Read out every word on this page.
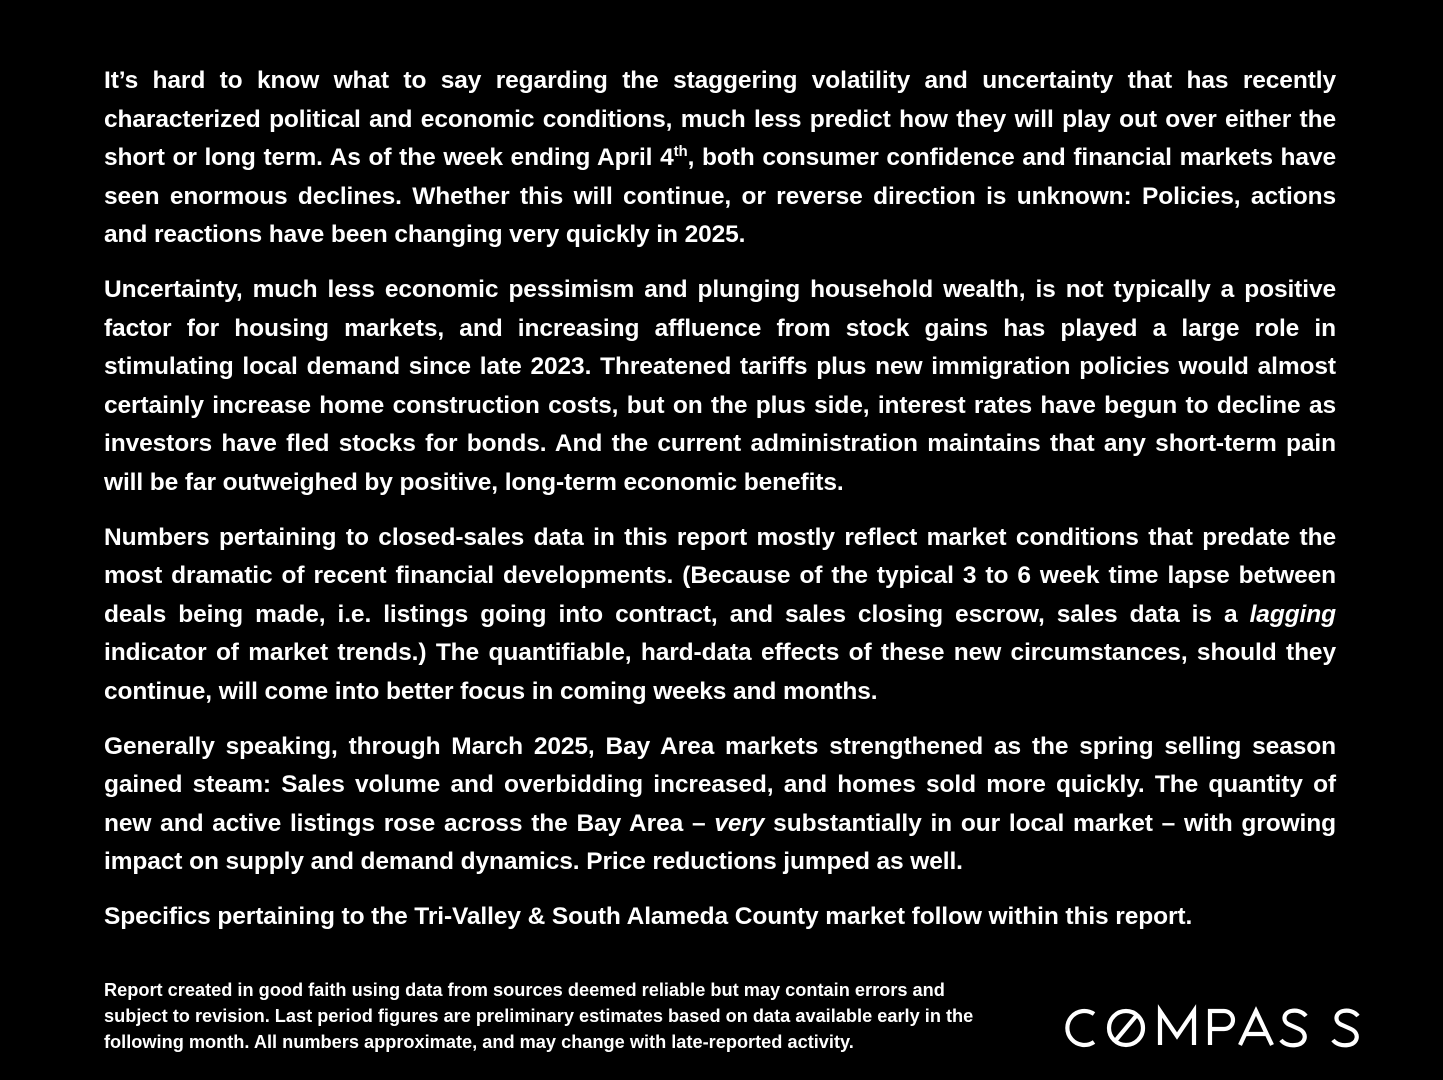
It’s hard to know what to say regarding the staggering volatility and uncertainty that has recently characterized political and economic conditions, much less predict how they will play out over either the short or long term. As of the week ending April 4th, both consumer confidence and financial markets have seen enormous declines. Whether this will continue, or reverse direction is unknown: Policies, actions and reactions have been changing very quickly in 2025.

Uncertainty, much less economic pessimism and plunging household wealth, is not typically a positive factor for housing markets, and increasing affluence from stock gains has played a large role in stimulating local demand since late 2023. Threatened tariffs plus new immigration policies would almost certainly increase home construction costs, but on the plus side, interest rates have begun to decline as investors have fled stocks for bonds. And the current administration maintains that any short-term pain will be far outweighed by positive, long-term economic benefits.

Numbers pertaining to closed-sales data in this report mostly reflect market conditions that predate the most dramatic of recent financial developments. (Because of the typical 3 to 6 week time lapse between deals being made, i.e. listings going into contract, and sales closing escrow, sales data is a lagging indicator of market trends.) The quantifiable, hard-data effects of these new circumstances, should they continue, will come into better focus in coming weeks and months.

Generally speaking, through March 2025, Bay Area markets strengthened as the spring selling season gained steam: Sales volume and overbidding increased, and homes sold more quickly. The quantity of new and active listings rose across the Bay Area – very substantially in our local market – with growing impact on supply and demand dynamics. Price reductions jumped as well.

Specifics pertaining to the Tri-Valley & South Alameda County market follow within this report.

Report created in good faith using data from sources deemed reliable but may contain errors and subject to revision. Last period figures are preliminary estimates based on data available early in the following month. All numbers approximate, and may change with late-reported activity.
